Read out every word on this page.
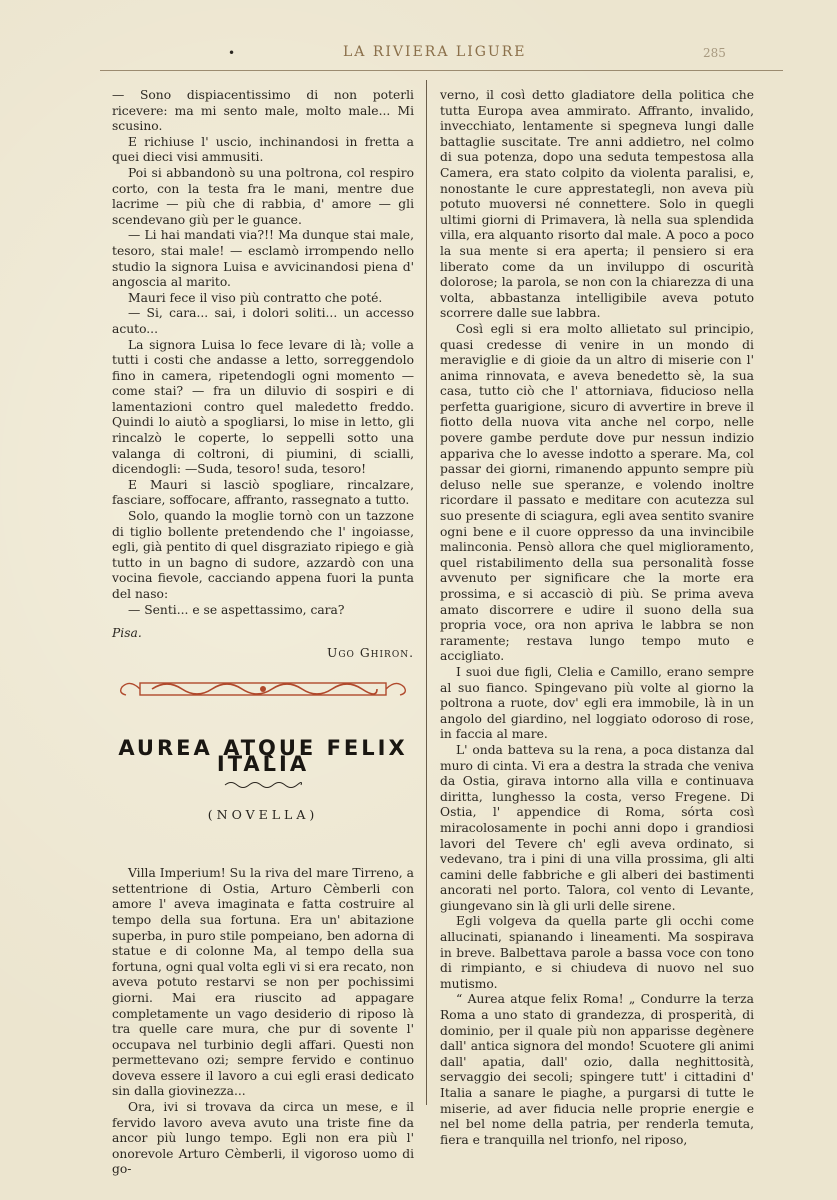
•	LA RIVIERA LIGURE	285

— Sono dispiacentissimo di non poterli ricevere: ma mi sento male, molto male... Mi scusino.

E richiuse l' uscio, inchinandosi in fretta a quei dieci visi ammusiti.

Poi si abbandonò su una poltrona, col respiro corto, con la testa fra le mani, mentre due lacrime — più che di rabbia, d' amore — gli scendevano giù per le guance.

— Li hai mandati via?!! Ma dunque stai male, tesoro, stai male! — esclamò irrompendo nello studio la signora Luisa e avvicinandosi piena d' angoscia al marito.

Mauri fece il viso più contratto che poté.

— Si, cara... sai, i dolori soliti... un accesso acuto...

La signora Luisa lo fece levare di là; volle a tutti i costi che andasse a letto, sorreggendolo fino in camera, ripetendogli ogni momento — come stai? — fra un diluvio di sospiri e di lamentazioni contro quel maledetto freddo. Quindi lo aiutò a spogliarsi, lo mise in letto, gli rincalzò le coperte, lo seppelli sotto una valanga di coltroni, di piumini, di scialli, dicendogli: —Suda, tesoro! suda, tesoro!

E Mauri si lasciò spogliare, rincalzare, fasciare, soffocare, affranto, rassegnato a tutto.

Solo, quando la moglie tornò con un tazzone di tiglio bollente pretendendo che l' ingoiasse, egli, già pentito di quel disgraziato ripiego e già tutto in un bagno di sudore, azzardò con una vocina fievole, cacciando appena fuori la punta del naso:

— Senti... e se aspettassimo, cara?

Pisa.

Ugo Ghiron.

AUREA ATQUE FELIX ITALIA
(NOVELLA)

Villa Imperium! Su la riva del mare Tirreno, a settentrione di Ostia, Arturo Cèmberli con amore l' aveva imaginata e fatta costruire al tempo della sua fortuna. Era un' abitazione superba, in puro stile pompeiano, ben adorna di statue e di colonne Ma, al tempo della sua fortuna, ogni qual volta egli vi si era recato, non aveva potuto restarvi se non per pochissimi giorni. Mai era riuscito ad appagare completamente un vago desiderio di riposo là tra quelle care mura, che pur di sovente l' occupava nel turbinio degli affari. Questi non permettevano ozi; sempre fervido e continuo doveva essere il lavoro a cui egli erasi dedicato sin dalla giovinezza...

Ora, ivi si trovava da circa un mese, e il fervido lavoro aveva avuto una triste fine da ancor più lungo tempo. Egli non era più l' onorevole Arturo Cèmberli, il vigoroso uomo di go-

verno, il così detto gladiatore della politica che tutta Europa avea ammirato. Affranto, invalido, invecchiato, lentamente si spegneva lungi dalle battaglie suscitate. Tre anni addietro, nel colmo di sua potenza, dopo una seduta tempestosa alla Camera, era stato colpito da violenta paralisi, e, nonostante le cure apprestategli, non aveva più potuto muoversi né connettere. Solo in quegli ultimi giorni di Primavera, là nella sua splendida villa, era alquanto risorto dal male. A poco a poco la sua mente si era aperta; il pensiero si era liberato come da un inviluppo di oscurità dolorose; la parola, se non con la chiarezza di una volta, abbastanza intelligibile aveva potuto scorrere dalle sue labbra.

Così egli si era molto allietato sul principio, quasi credesse di venire in un mondo di meraviglie e di gioie da un altro di miserie con l' anima rinnovata, e aveva benedetto sè, la sua casa, tutto ciò che l' attorniava, fiducioso nella perfetta guarigione, sicuro di avvertire in breve il fiotto della nuova vita anche nel corpo, nelle povere gambe perdute dove pur nessun indizio appariva che lo avesse indotto a sperare. Ma, col passar dei giorni, rimanendo appunto sempre più deluso nelle sue speranze, e volendo inoltre ricordare il passato e meditare con acutezza sul suo presente di sciagura, egli avea sentito svanire ogni bene e il cuore oppresso da una invincibile malinconia. Pensò allora che quel miglioramento, quel ristabilimento della sua personalità fosse avvenuto per significare che la morte era prossima, e si accasciò di più. Se prima aveva amato discorrere e udire il suono della sua propria voce, ora non apriva le labbra se non raramente; restava lungo tempo muto e accigliato.

I suoi due figli, Clelia e Camillo, erano sempre al suo fianco. Spingevano più volte al giorno la poltrona a ruote, dov' egli era immobile, là in un angolo del giardino, nel loggiato odoroso di rose, in faccia al mare.

L' onda batteva su la rena, a poca distanza dal muro di cinta. Vi era a destra la strada che veniva da Ostia, girava intorno alla villa e continuava diritta, lunghesso la costa, verso Fregene. Di Ostia, l' appendice di Roma, sórta così miracolosamente in pochi anni dopo i grandiosi lavori del Tevere ch' egli aveva ordinato, si vedevano, tra i pini di una villa prossima, gli alti camini delle fabbriche e gli alberi dei bastimenti ancorati nel porto. Talora, col vento di Levante, giungevano sin là gli urli delle sirene.

Egli volgeva da quella parte gli occhi come allucinati, spianando i lineamenti. Ma sospirava in breve. Balbettava parole a bassa voce con tono di rimpianto, e si chiudeva di nuovo nel suo mutismo.

“ Aurea atque felix Roma! „ Condurre la terza Roma a uno stato di grandezza, di prosperità, di dominio, per il quale più non apparisse degènere dall' antica signora del mondo! Scuotere gli animi dall' apatia, dall' ozio, dalla neghittosità, servaggio dei secoli; spingere tutt' i cittadini d' Italia a sanare le piaghe, a purgarsi di tutte le miserie, ad aver fiducia nelle proprie energie e nel bel nome della patria, per renderla temuta, fiera e tranquilla nel trionfo, nel riposo,
